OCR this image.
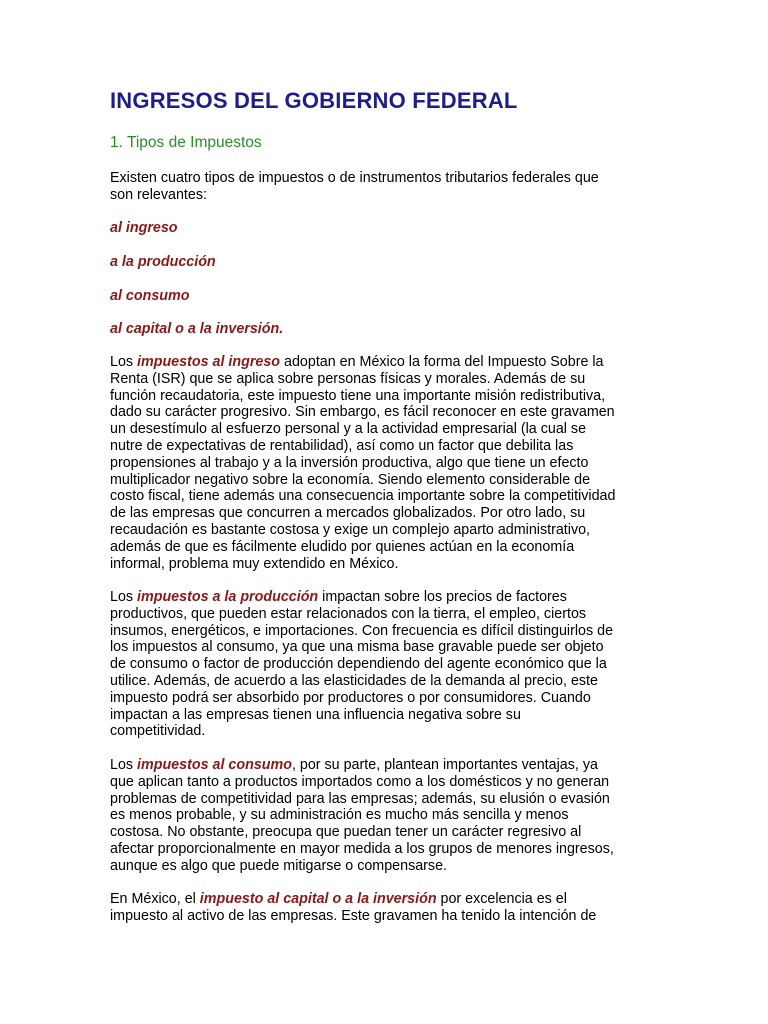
INGRESOS DEL GOBIERNO FEDERAL
1. Tipos de Impuestos
Existen cuatro tipos de impuestos o de instrumentos tributarios federales que
son relevantes:
al ingreso
a la producción
al consumo
al capital o a la inversión.
Los impuestos al ingreso adoptan en México la forma del Impuesto Sobre la
Renta (ISR) que se aplica sobre personas físicas y morales. Además de su
función recaudatoria, este impuesto tiene una importante misión redistributiva,
dado su carácter progresivo. Sin embargo, es fácil reconocer en este gravamen
un desestímulo al esfuerzo personal y a la actividad empresarial (la cual se
nutre de expectativas de rentabilidad), así como un factor que debilita las
propensiones al trabajo y a la inversión productiva, algo que tiene un efecto
multiplicador negativo sobre la economía. Siendo elemento considerable de
costo fiscal, tiene además una consecuencia importante sobre la competitividad
de las empresas que concurren a mercados globalizados. Por otro lado, su
recaudación es bastante costosa y exige un complejo aparto administrativo,
además de que es fácilmente eludido por quienes actúan en la economía
informal, problema muy extendido en México.
Los impuestos a la producción impactan sobre los precios de factores
productivos, que pueden estar relacionados con la tierra, el empleo, ciertos
insumos, energéticos, e importaciones. Con frecuencia es difícil distinguirlos de
los impuestos al consumo, ya que una misma base gravable puede ser objeto
de consumo o factor de producción dependiendo del agente económico que la
utilice. Además, de acuerdo a las elasticidades de la demanda al precio, este
impuesto podrá ser absorbido por productores o por consumidores. Cuando
impactan a las empresas tienen una influencia negativa sobre su
competitividad.
Los impuestos al consumo, por su parte, plantean importantes ventajas, ya
que aplican tanto a productos importados como a los domésticos y no generan
problemas de competitividad para las empresas; además, su elusión o evasión
es menos probable, y su administración es mucho más sencilla y menos
costosa. No obstante, preocupa que puedan tener un carácter regresivo al
afectar proporcionalmente en mayor medida a los grupos de menores ingresos,
aunque es algo que puede mitigarse o compensarse.
En México, el impuesto al capital o a la inversión por excelencia es el
impuesto al activo de las empresas. Este gravamen ha tenido la intención de
